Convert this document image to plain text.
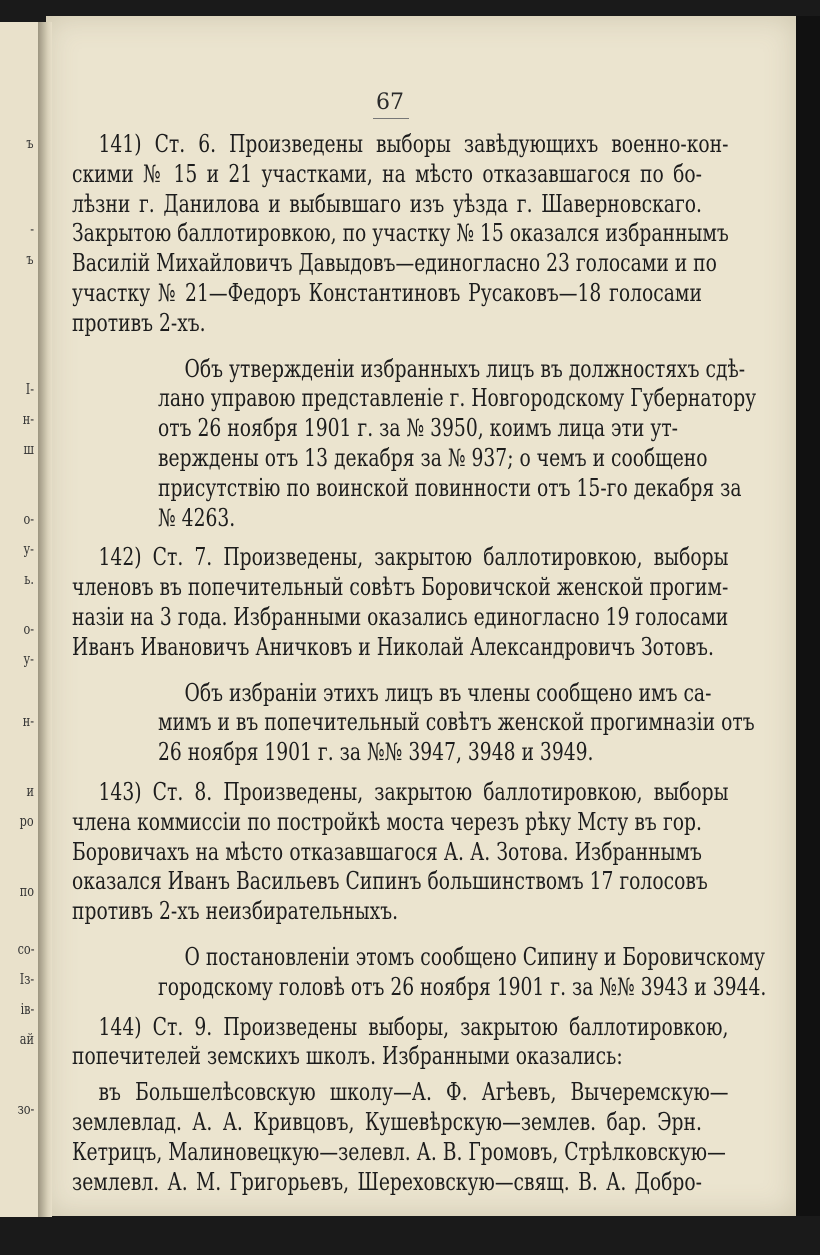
ъ
-
ъ
I-
н-
ш
о-
у-
ь.
о-
у-
н-
и
ро
по
со-
Із-
ів-
ай
зо-
67

141) Ст. 6. Произведены выборы завѣдующихъ военно-кон-
скими № 15 и 21 участками, на мѣсто отказавшагося по бо-
лѣзни г. Данилова и выбывшаго изъ уѣзда г. Шаверновскаго.
Закрытою баллотировкою, по участку № 15 оказался избраннымъ
Василій Михайловичъ Давыдовъ—единогласно 23 голосами и по
участку № 21—Федоръ Константиновъ Русаковъ—18 голосами
противъ 2-хъ.

Объ утвержденіи избранныхъ лицъ въ должностяхъ сдѣ-
лано управою представленіе г. Новгородскому Губернатору
отъ 26 ноября 1901 г. за № 3950, коимъ лица эти ут-
верждены отъ 13 декабря за № 937; о чемъ и сообщено
присутствію по воинской повинности отъ 15-го декабря за
№ 4263.

142) Ст. 7. Произведены, закрытою баллотировкою, выборы
членовъ въ попечительный совѣтъ Боровичской женской прогим-
назіи на 3 года. Избранными оказались единогласно 19 голосами
Иванъ Ивановичъ Аничковъ и Николай Александровичъ Зотовъ.

Объ избраніи этихъ лицъ въ члены сообщено имъ са-
мимъ и въ попечительный совѣтъ женской прогимназіи отъ
26 ноября 1901 г. за №№ 3947, 3948 и 3949.

143) Ст. 8. Произведены, закрытою баллотировкою, выборы
члена коммиссіи по постройкѣ моста черезъ рѣку Мсту въ гор.
Боровичахъ на мѣсто отказавшагося А. А. Зотова. Избраннымъ
оказался Иванъ Васильевъ Сипинъ большинствомъ 17 голосовъ
противъ 2-хъ неизбирательныхъ.

О постановленіи этомъ сообщено Сипину и Боровичскому
городскому головѣ отъ 26 ноября 1901 г. за №№ 3943 и 3944.

144) Ст. 9. Произведены выборы, закрытою баллотировкою,
попечителей земскихъ школъ. Избранными оказались:

въ Большелѣсовскую школу—А. Ф. Агѣевъ, Вычеремскую—
землевлад. А. А. Кривцовъ, Кушевѣрскую—землев. бар. Эрн.
Кетрицъ, Малиновецкую—зелевл. А. В. Громовъ, Стрѣлковскую—
землевл. А. М. Григорьевъ, Шереховскую—свящ. В. А. Добро-
